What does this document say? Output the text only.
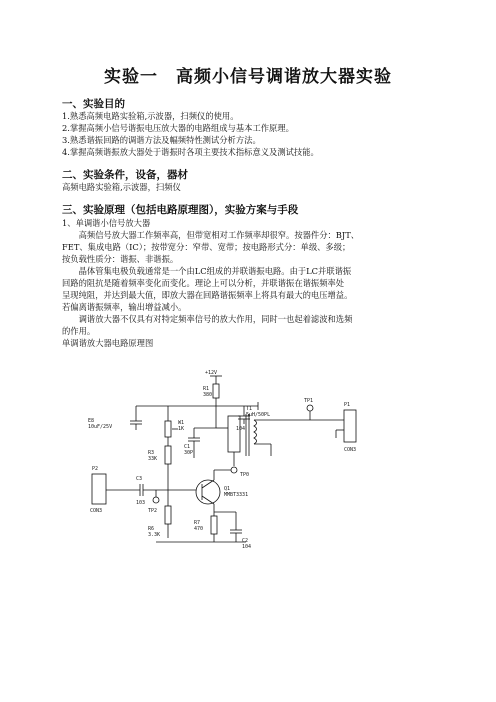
实验一　高频小信号调谐放大器实验
一、实验目的
1.熟悉高频电路实验箱,示波器，扫频仪的使用。
2.掌握高频小信号谐振电压放大器的电路组成与基本工作原理。
3.熟悉谐振回路的调谐方法及幅频特性测试分析方法。
4.掌握高频谐振放大器处于谐振时各项主要技术指标意义及测试技能。
二、实验条件，设备，器材
高频电路实验箱,示波器，扫频仪
三、实验原理（包括电路原理图），实验方案与手段
1、单调谐小信号放大器
　　高频信号放大器工作频率高，但带宽相对工作频率却很窄。按器件分：BJT、
FET、集成电路（IC）；按带宽分：窄带、宽带；按电路形式分：单级、多级；
按负载性质分：谐振、非谐振。
　　晶体管集电极负载通常是一个由LC组成的并联谐振电路。由于LC并联谐振
回路的阻抗是随着频率变化而变化。理论上可以分析，并联谐振在谐振频率处
呈现纯阻，并达到最大值，即放大器在回路谐振频率上将具有最大的电压增益。
若偏离谐振频率，输出增益减小。
　　调谐放大器不仅具有对特定频率信号的放大作用，同时一也起着滤波和选频
的作用。
单调谐放大器电路原理图
+12V
R1
380
104
E8
10uF/25V
W1
1K
C1
30P
T1
5uH/50PL
TP1
P1
CON3
TP0
R3
33K
P2
CON3
C3
103
TP2
Q1
MMBT3331
R6
3.3K
R7
470
C2
104
